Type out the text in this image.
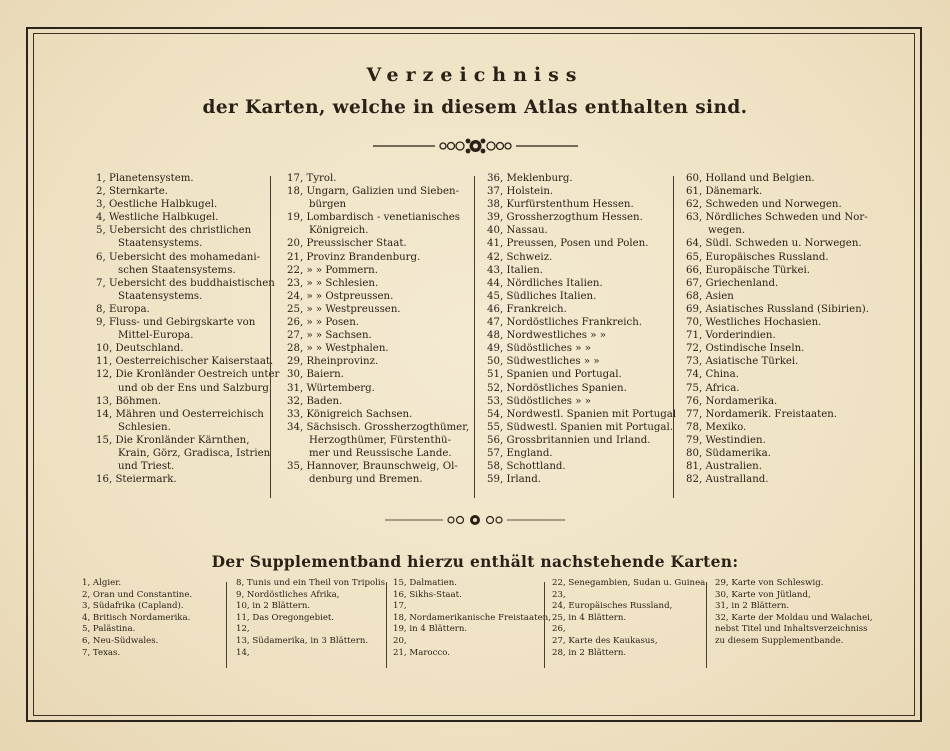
Verzeichniss
der Karten, welche in diesem Atlas enthalten sind.
1, Planetensystem.
2, Sternkarte.
3, Oestliche Halbkugel.
4, Westliche Halbkugel.
5, Uebersicht des christlichen
Staatensystems.
6, Uebersicht des mohamedani-
schen Staatensystems.
7, Uebersicht des buddhaistischen
Staatensystems.
8, Europa.
9, Fluss- und Gebirgskarte von
Mittel-Europa.
10, Deutschland.
11, Oesterreichischer Kaiserstaat.
12, Die Kronländer Oestreich unter
und ob der Ens und Salzburg.
13, Böhmen.
14, Mähren und Oesterreichisch
Schlesien.
15, Die Kronländer Kärnthen,
Krain, Görz, Gradisca, Istrien
und Triest.
16, Steiermark.
17, Tyrol.
18, Ungarn, Galizien und Sieben-
bürgen
19, Lombardisch - venetianisches
Königreich.
20, Preussischer Staat.
21, Provinz Brandenburg.
22, » » Pommern.
23, » » Schlesien.
24, » » Ostpreussen.
25, » » Westpreussen.
26, » » Posen.
27, » » Sachsen.
28, » » Westphalen.
29, Rheinprovinz.
30, Baiern.
31, Würtemberg.
32, Baden.
33, Königreich Sachsen.
34, Sächsisch. Grossherzogthümer,
Herzogthümer, Fürstenthü-
mer und Reussische Lande.
35, Hannover, Braunschweig, Ol-
denburg und Bremen.
36, Meklenburg.
37, Holstein.
38, Kurfürstenthum Hessen.
39, Grossherzogthum Hessen.
40, Nassau.
41, Preussen, Posen und Polen.
42, Schweiz.
43, Italien.
44, Nördliches Italien.
45, Südliches Italien.
46, Frankreich.
47, Nordöstliches Frankreich.
48, Nordwestliches » »
49, Südöstliches » »
50, Südwestliches » »
51, Spanien und Portugal.
52, Nordöstliches Spanien.
53, Südöstliches » »
54, Nordwestl. Spanien mit Portugal
55, Südwestl. Spanien mit Portugal.
56, Grossbritannien und Irland.
57, England.
58, Schottland.
59, Irland.
60, Holland und Belgien.
61, Dänemark.
62, Schweden und Norwegen.
63, Nördliches Schweden und Nor-
wegen.
64, Südl. Schweden u. Norwegen.
65, Europäisches Russland.
66, Europäische Türkei.
67, Griechenland.
68, Asien
69, Asiatisches Russland (Sibirien).
70, Westliches Hochasien.
71, Vorderindien.
72, Ostindische Inseln.
73, Asiatische Türkei.
74, China.
75, Africa.
76, Nordamerika.
77, Nordamerik. Freistaaten.
78, Mexiko.
79, Westindien.
80, Südamerika.
81, Australien.
82, Australland.
Der Supplementband hierzu enthält nachstehende Karten:
1, Algier.
2, Oran und Constantine.
3, Südafrika (Capland).
4, Britisch Nordamerika.
5, Palästina.
6, Neu-Südwales.
7, Texas.
8, Tunis und ein Theil von Tripolis.
9, Nordöstliches Afrika,
10, in 2 Blättern.
11, Das Oregongebiet.
12,
13, Südamerika, in 3 Blättern.
14,
15, Dalmatien.
16, Sikhs-Staat.
17,
18, Nordamerikanische Freistaaten,
19, in 4 Blättern.
20,
21, Marocco.
22, Senegambien, Sudan u. Guinea.
23,
24, Europäisches Russland,
25, in 4 Blättern.
26,
27, Karte des Kaukasus,
28, in 2 Blättern.
29, Karte von Schleswig.
30, Karte von Jütland,
31, in 2 Blättern.
32, Karte der Moldau und Walachei,
nebst Titel und Inhaltsverzeichniss
zu diesem Supplementbande.
